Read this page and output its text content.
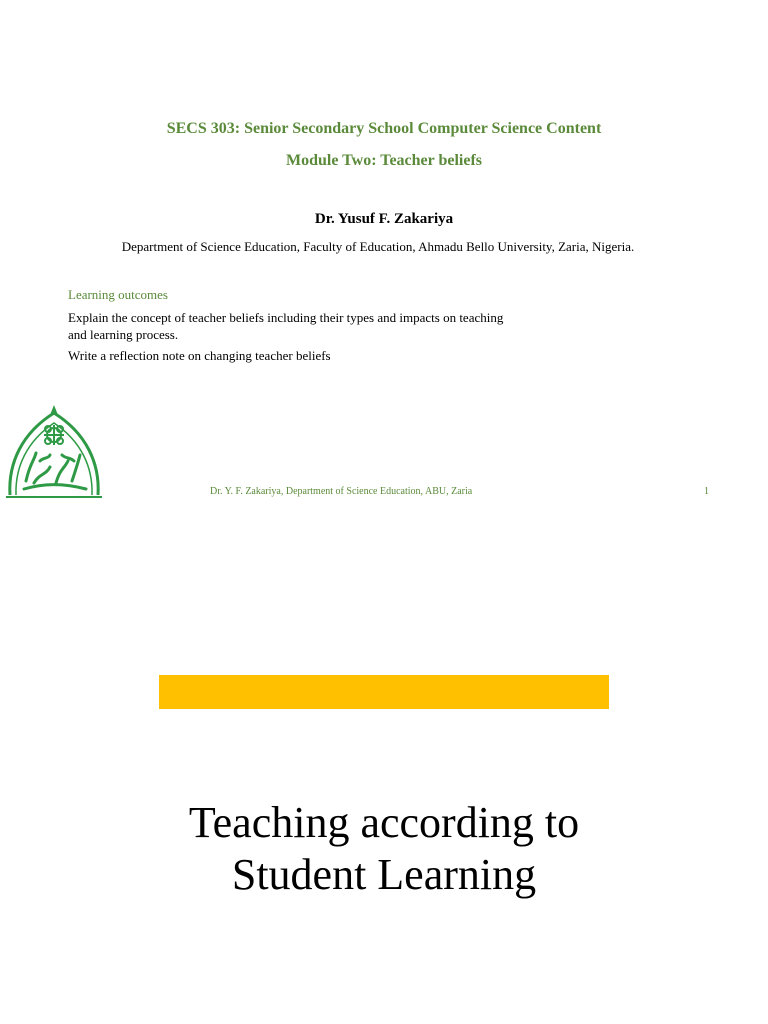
SECS 303: Senior Secondary School Computer Science Content
Module Two: Teacher beliefs
Dr. Yusuf F. Zakariya
Department of Science Education, Faculty of Education, Ahmadu Bello University, Zaria, Nigeria.
Learning outcomes
Explain the concept of teacher beliefs including their types and impacts on teaching and learning process.
Write a reflection note on changing teacher beliefs
Dr. Y. F. Zakariya, Department of Science Education, ABU, Zaria	1
Teaching according to
Student Learning
